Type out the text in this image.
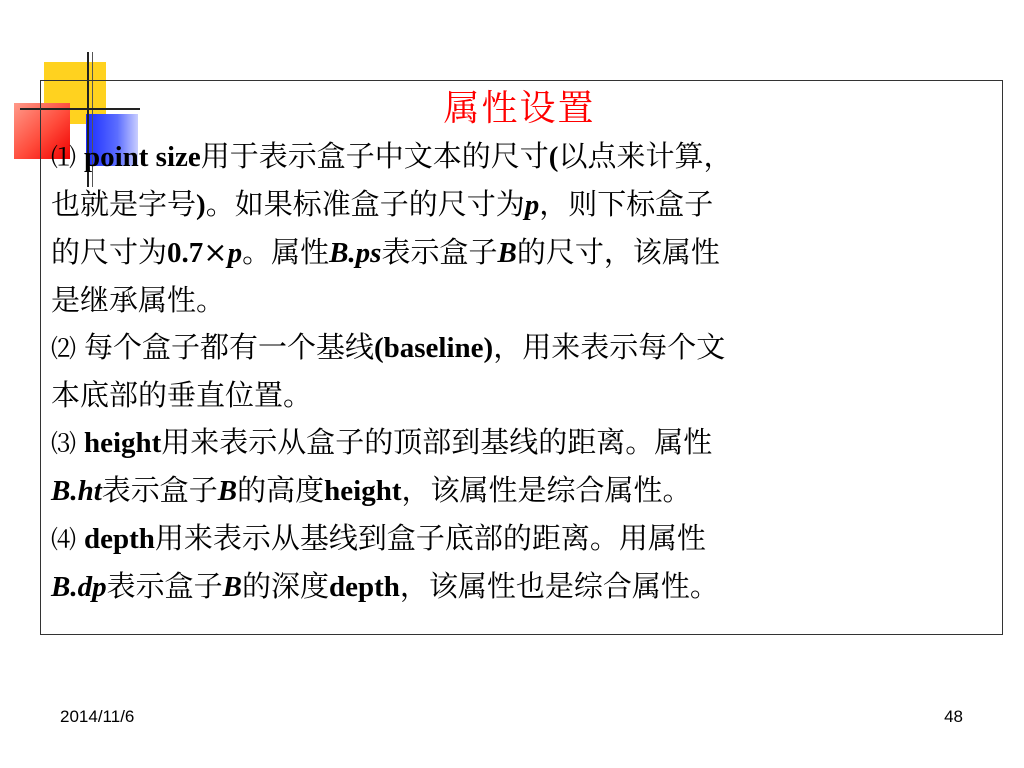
属性设置
⑴ point size用于表示盒子中文本的尺寸(以点来计算，
也就是字号)。如果标准盒子的尺寸为p，则下标盒子
的尺寸为0.7×p。属性B.ps表示盒子B的尺寸，该属性
是继承属性。
⑵ 每个盒子都有一个基线(baseline)，用来表示每个文
本底部的垂直位置。
⑶ height用来表示从盒子的顶部到基线的距离。属性
B.ht表示盒子B的高度height，该属性是综合属性。
⑷ depth用来表示从基线到盒子底部的距离。用属性
B.dp表示盒子B的深度depth，该属性也是综合属性。
2014/11/6	48
